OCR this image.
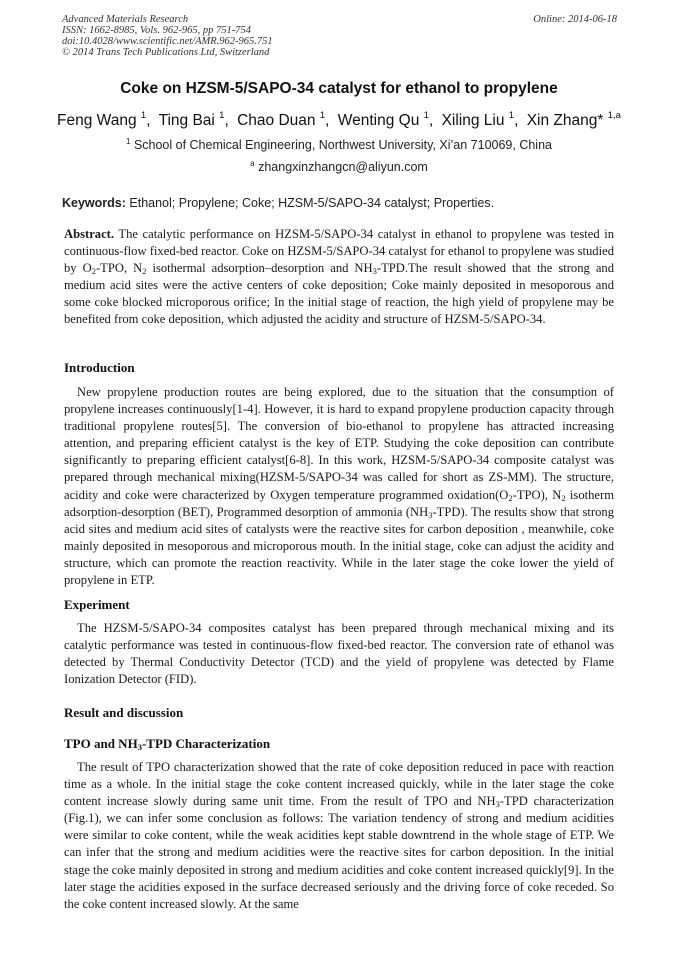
Advanced Materials Research
ISSN: 1662-8985, Vols. 962-965, pp 751-754
doi:10.4028/www.scientific.net/AMR.962-965.751
© 2014 Trans Tech Publications Ltd, Switzerland
Online: 2014-06-18
Coke on HZSM-5/SAPO-34 catalyst for ethanol to propylene
Feng Wang $^1$, Ting Bai $^1$, Chao Duan $^1$, Wenting Qu $^1$, Xiling Liu $^1$, Xin Zhang* $^{1,a}$
$^1$ School of Chemical Engineering, Northwest University, Xi’an 710069, China
$^a$ zhangxinzhangcn@aliyun.com
Keywords: Ethanol; Propylene; Coke; HZSM-5/SAPO-34 catalyst; Properties.

Abstract. The catalytic performance on HZSM-5/SAPO-34 catalyst in ethanol to propylene was tested in continuous-flow fixed-bed reactor. Coke on HZSM-5/SAPO-34 catalyst for ethanol to propylene was studied by $O_2$-TPO, $N_2$ isothermal adsorption–desorption and $NH_3-TPD.The$ result showed that the strong and medium acid sites were the active centers of coke deposition; Coke mainly deposited in mesoporous and some coke blocked microporous orifice; In the initial stage of reaction, the high yield of propylene may be benefited from coke deposition, which adjusted the acidity and structure of HZSM-5/SAPO-34.

Introduction

New propylene production routes are being explored, due to the situation that the consumption of propylene increases continuously[1-4]. However, it is hard to expand propylene production capacity through traditional propylene routes[5]. The conversion of bio-ethanol to propylene has attracted increasing attention, and preparing efficient catalyst is the key of ETP. Studying the coke deposition can contribute significantly to preparing efficient catalyst[6-8]. In this work, HZSM-5/SAPO-34 composite catalyst was prepared through mechanical mixing(HZSM-5/SAPO-34 was called for short as ZS-MM). The structure, acidity and coke were characterized by Oxygen temperature programmed $oxidation(O_2-TPO)$, $N_2$ isotherm adsorption-desorption (BET), Programmed desorption of ammonia $(NH_3-TPD)$. The results show that strong acid sites and medium acid sites of catalysts were the reactive sites for carbon deposition , meanwhile, coke mainly deposited in mesoporous and microporous mouth. In the initial stage, coke can adjust the acidity and structure, which can promote the reaction reactivity. While in the later stage the coke lower the yield of propylene in ETP.

Experiment

The HZSM-5/SAPO-34 composites catalyst has been prepared through mechanical mixing and its catalytic performance was tested in continuous-flow fixed-bed reactor. The conversion rate of ethanol was detected by Thermal Conductivity Detector (TCD) and the yield of propylene was detected by Flame Ionization Detector (FID).

Result and discussion
TPO and $NH_3$-TPD Characterization

The result of TPO characterization showed that the rate of coke deposition reduced in pace with reaction time as a whole. In the initial stage the coke content increased quickly, while in the later stage the coke content increase slowly during same unit time. From the result of TPO and $NH_3$-TPD characterization (Fig.1), we can infer some conclusion as follows: The variation tendency of strong and medium acidities were similar to coke content, while the weak acidities kept stable downtrend in the whole stage of ETP. We can infer that the strong and medium acidities were the reactive sites for carbon deposition. In the initial stage the coke mainly deposited in strong and medium acidities and coke content increased quickly[9]. In the later stage the acidities exposed in the surface decreased seriously and the driving force of coke receded. So the coke content increased slowly. At the same
